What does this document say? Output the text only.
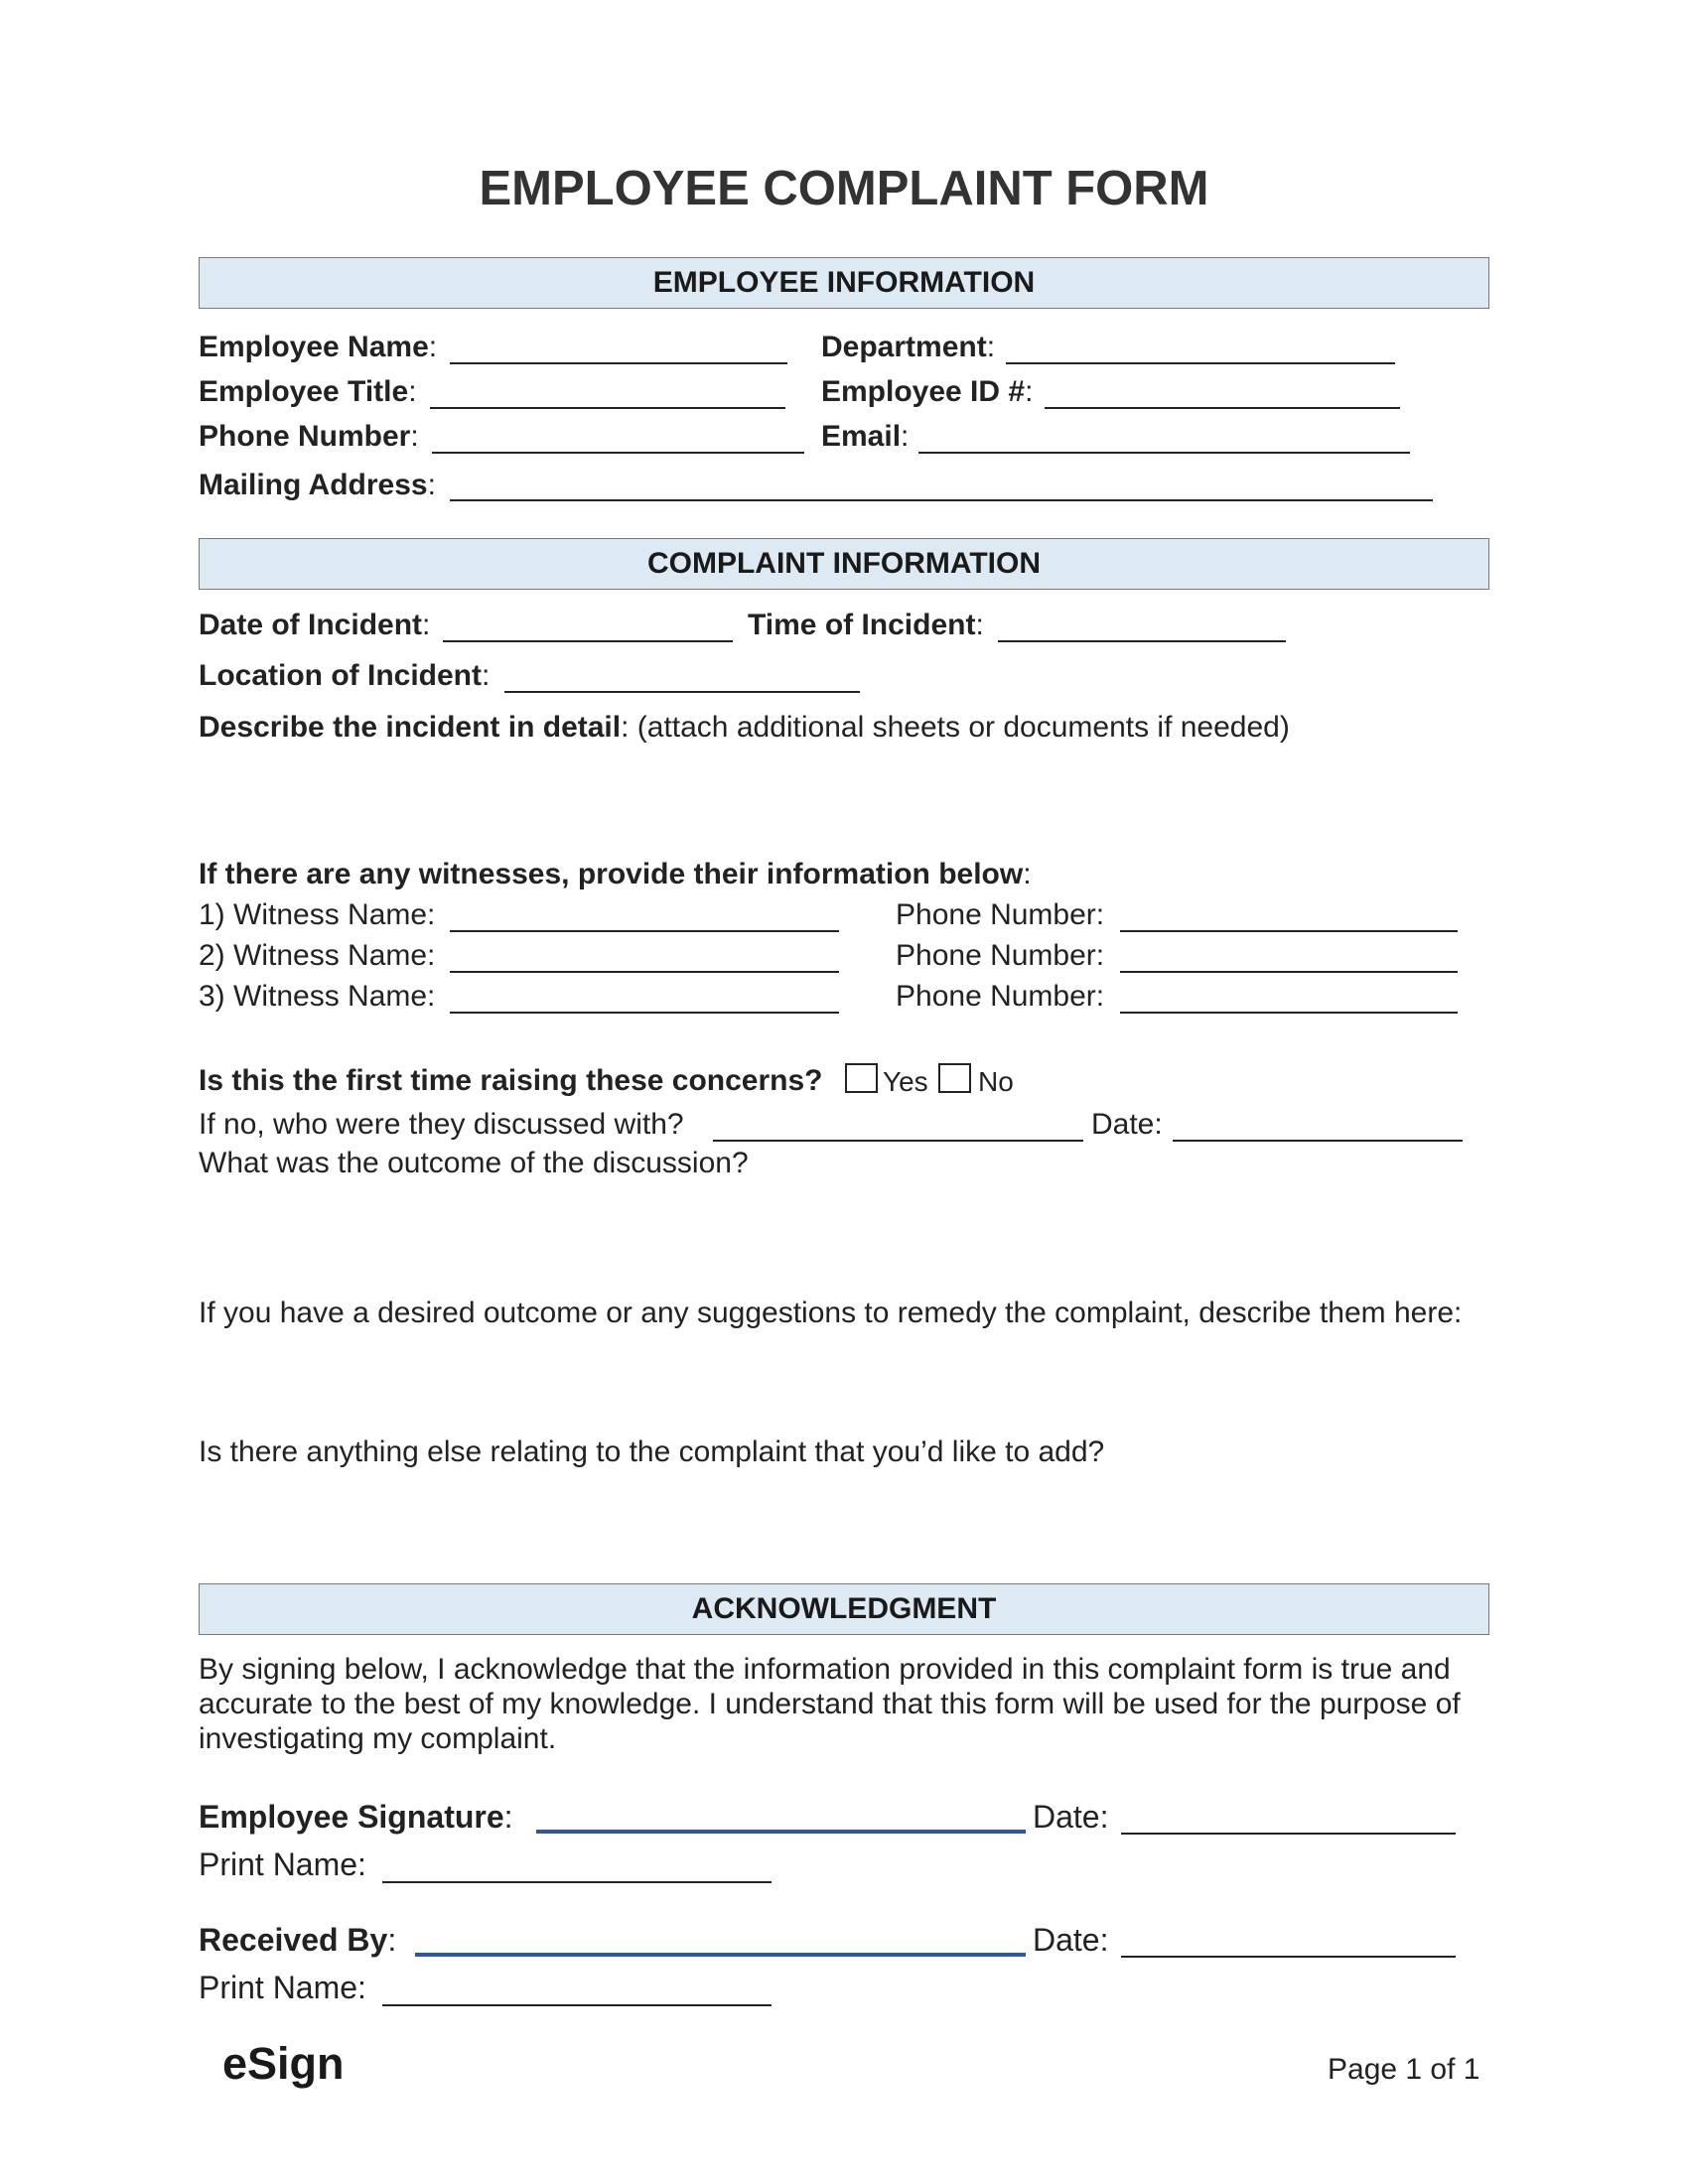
EMPLOYEE COMPLAINT FORM
EMPLOYEE INFORMATION
Employee Name:	Department:
Employee Title:	Employee ID #:
Phone Number:	Email:
Mailing Address:
COMPLAINT INFORMATION
Date of Incident:	Time of Incident:
Location of Incident:
Describe the incident in detail: (attach additional sheets or documents if needed)
If there are any witnesses, provide their information below:
1) Witness Name:	Phone Number:
2) Witness Name:	Phone Number:
3) Witness Name:	Phone Number:
Is this the first time raising these concerns? Yes No
If no, who were they discussed with?	Date:
What was the outcome of the discussion?
If you have a desired outcome or any suggestions to remedy the complaint, describe them here:
Is there anything else relating to the complaint that you’d like to add?
ACKNOWLEDGMENT
By signing below, I acknowledge that the information provided in this complaint form is true and accurate to the best of my knowledge. I understand that this form will be used for the purpose of investigating my complaint.
Employee Signature:	Date:
Print Name:
Received By:	Date:
Print Name:
eSign	Page 1 of 1
